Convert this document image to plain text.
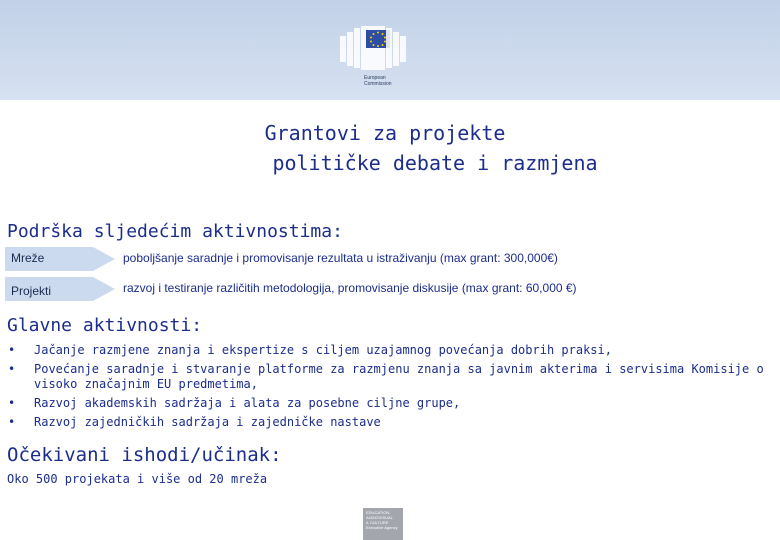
European
Commission
Grantovi za projekte
političke debate i razmjena
Podrška sljedećim aktivnostima:
Mreže	poboljšanje saradnje i promovisanje rezultata u istraživanju (max grant: 300,000€)
Projekti	razvoj i testiranje različitih metodologija, promovisanje diskusije (max grant: 60,000 €)
Glavne aktivnosti:
• Jačanje razmjene znanja i ekspertize s ciljem uzajamnog povećanja dobrih praksi,
• Povećanje saradnje i stvaranje platforme za razmjenu znanja sa javnim akterima i servisima Komisije o visoko značajnim EU predmetima,
• Razvoj akademskih sadržaja i alata za posebne ciljne grupe,
• Razvoj zajedničkih sadržaja i zajedničke nastave
Očekivani ishodi/učinak:
Oko 500 projekata i više od 20 mreža
EDUCATION,
AUDIOVISUAL
& CULTURE
Executive Agency
